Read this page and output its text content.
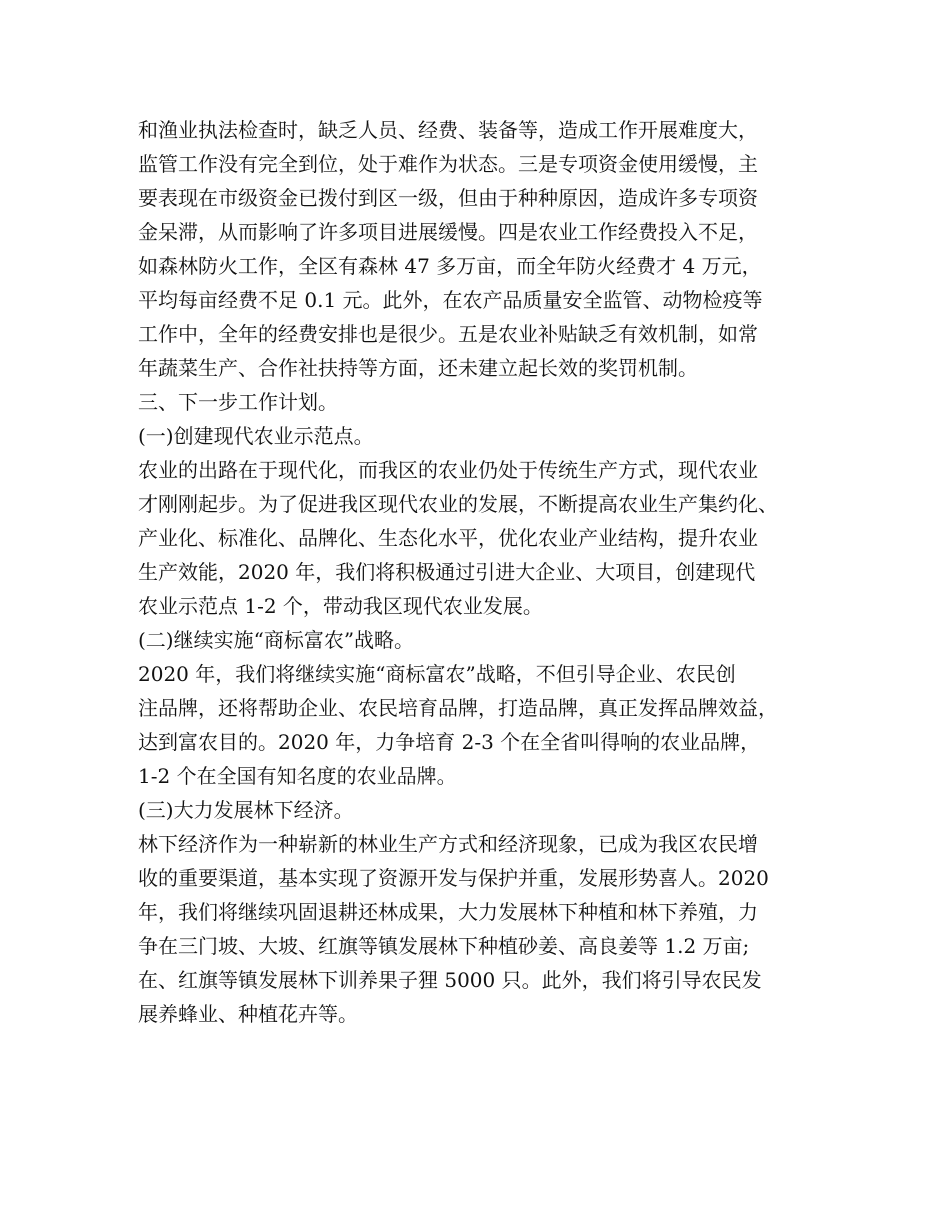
和渔业执法检查时，缺乏人员、经费、装备等，造成工作开展难度大，
监管工作没有完全到位，处于难作为状态。三是专项资金使用缓慢，主
要表现在市级资金已拨付到区一级，但由于种种原因，造成许多专项资
金呆滞，从而影响了许多项目进展缓慢。四是农业工作经费投入不足，
如森林防火工作，全区有森林 47 多万亩，而全年防火经费才 4 万元，
平均每亩经费不足 0.1 元。此外，在农产品质量安全监管、动物检疫等
工作中，全年的经费安排也是很少。五是农业补贴缺乏有效机制，如常
年蔬菜生产、合作社扶持等方面，还未建立起长效的奖罚机制。
三、下一步工作计划。
(一)创建现代农业示范点。
农业的出路在于现代化，而我区的农业仍处于传统生产方式，现代农业
才刚刚起步。为了促进我区现代农业的发展，不断提高农业生产集约化、
产业化、标准化、品牌化、生态化水平，优化农业产业结构，提升农业
生产效能，2020 年，我们将积极通过引进大企业、大项目，创建现代
农业示范点 1-2 个，带动我区现代农业发展。
(二)继续实施“商标富农”战略。
2020 年，我们将继续实施“商标富农”战略，不但引导企业、农民创
注品牌，还将帮助企业、农民培育品牌，打造品牌，真正发挥品牌效益，
达到富农目的。2020 年，力争培育 2-3 个在全省叫得响的农业品牌，
1-2 个在全国有知名度的农业品牌。
(三)大力发展林下经济。
林下经济作为一种崭新的林业生产方式和经济现象，已成为我区农民增
收的重要渠道，基本实现了资源开发与保护并重，发展形势喜人。2020
年，我们将继续巩固退耕还林成果，大力发展林下种植和林下养殖，力
争在三门坡、大坡、红旗等镇发展林下种植砂姜、高良姜等 1.2 万亩;
在、红旗等镇发展林下训养果子狸 5000 只。此外，我们将引导农民发
展养蜂业、种植花卉等。
